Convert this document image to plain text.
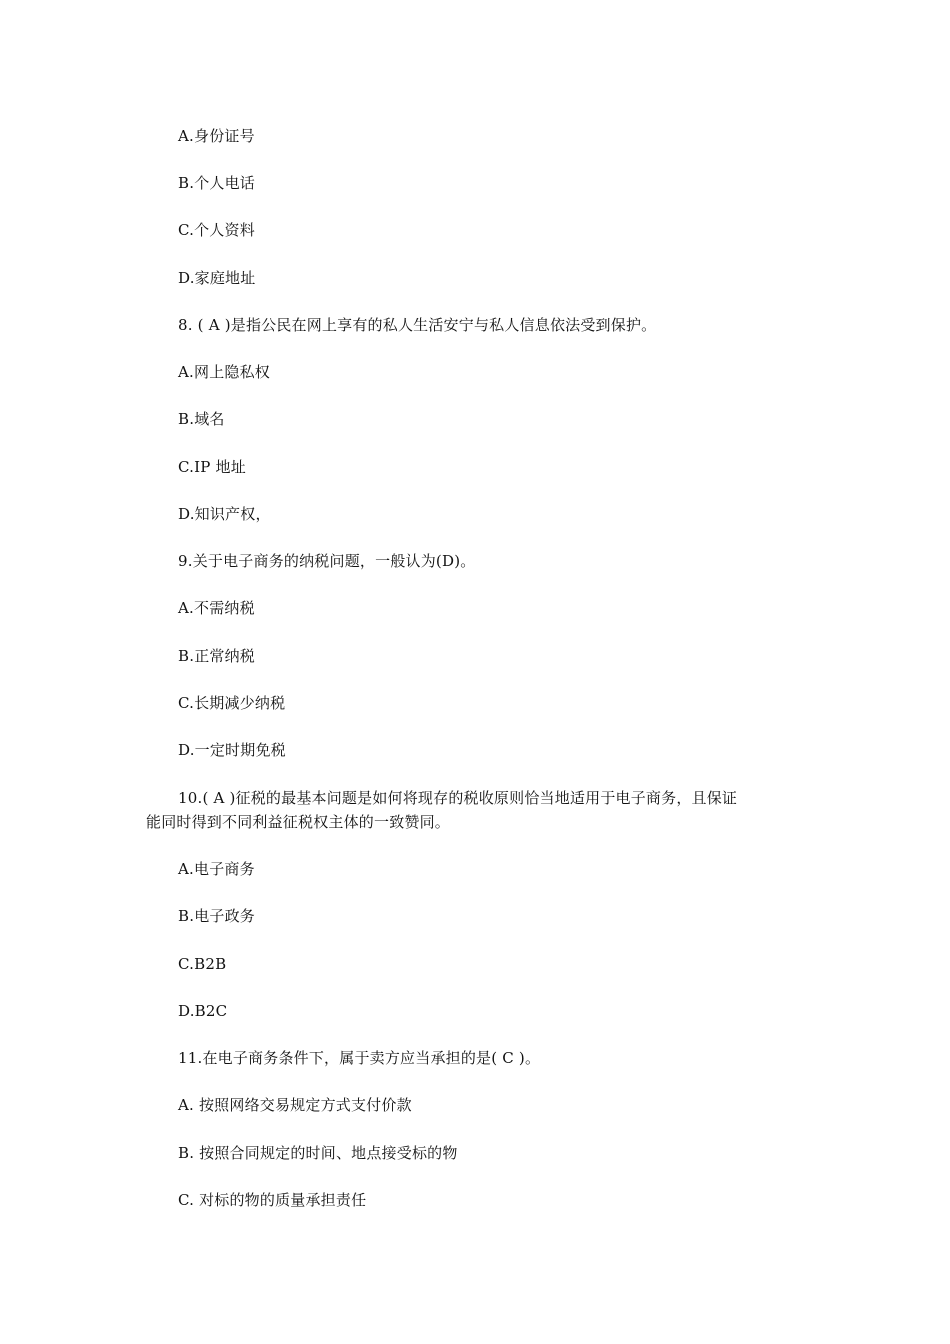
A.身份证号
B.个人电话
C.个人资料
D.家庭地址
8. ( A )是指公民在网上享有的私人生活安宁与私人信息依法受到保护。
A.网上隐私权
B.域名
C.IP 地址
D.知识产权，
9.关于电子商务的纳税问题，一般认为(D)。
A.不需纳税
B.正常纳税
C.长期减少纳税
D.一定时期免税
10.( A )征税的最基本问题是如何将现存的税收原则恰当地适用于电子商务，且保证
能同时得到不同利益征税权主体的一致赞同。
A.电子商务
B.电子政务
C.B2B
D.B2C
11.在电子商务条件下，属于卖方应当承担的是( C )。
A. 按照网络交易规定方式支付价款
B. 按照合同规定的时间、地点接受标的物
C. 对标的物的质量承担责任
